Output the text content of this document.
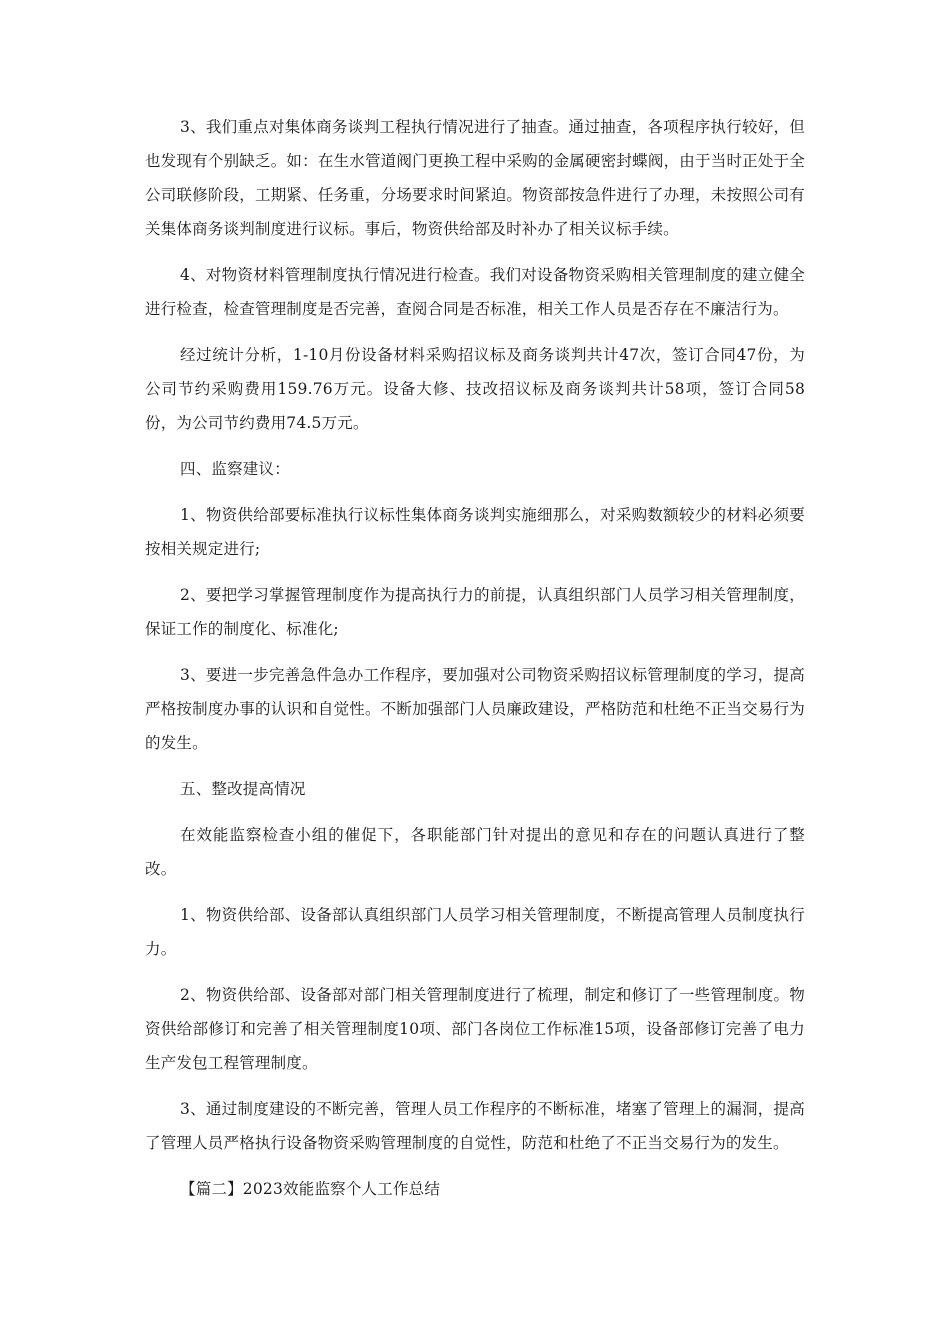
3、我们重点对集体商务谈判工程执行情况进行了抽查。通过抽查，各项程序执行较好，但也发现有个别缺乏。如：在生水管道阀门更换工程中采购的金属硬密封蝶阀，由于当时正处于全公司联修阶段，工期紧、任务重，分场要求时间紧迫。物资部按急件进行了办理，未按照公司有关集体商务谈判制度进行议标。事后，物资供给部及时补办了相关议标手续。

4、对物资材料管理制度执行情况进行检查。我们对设备物资采购相关管理制度的建立健全进行检查，检查管理制度是否完善，查阅合同是否标准，相关工作人员是否存在不廉洁行为。

经过统计分析，1-10月份设备材料采购招议标及商务谈判共计47次，签订合同47份，为公司节约采购费用159.76万元。设备大修、技改招议标及商务谈判共计58项，签订合同58份，为公司节约费用74.5万元。

四、监察建议：

1、物资供给部要标准执行议标性集体商务谈判实施细那么，对采购数额较少的材料必须要按相关规定进行;

2、要把学习掌握管理制度作为提高执行力的前提，认真组织部门人员学习相关管理制度，保证工作的制度化、标准化;

3、要进一步完善急件急办工作程序，要加强对公司物资采购招议标管理制度的学习，提高严格按制度办事的认识和自觉性。不断加强部门人员廉政建设，严格防范和杜绝不正当交易行为的发生。

五、整改提高情况

在效能监察检查小组的催促下，各职能部门针对提出的意见和存在的问题认真进行了整改。

1、物资供给部、设备部认真组织部门人员学习相关管理制度，不断提高管理人员制度执行力。

2、物资供给部、设备部对部门相关管理制度进行了梳理，制定和修订了一些管理制度。物资供给部修订和完善了相关管理制度10项、部门各岗位工作标准15项，设备部修订完善了电力生产发包工程管理制度。

3、通过制度建设的不断完善，管理人员工作程序的不断标准，堵塞了管理上的漏洞，提高了管理人员严格执行设备物资采购管理制度的自觉性，防范和杜绝了不正当交易行为的发生。

【篇二】2023效能监察个人工作总结
